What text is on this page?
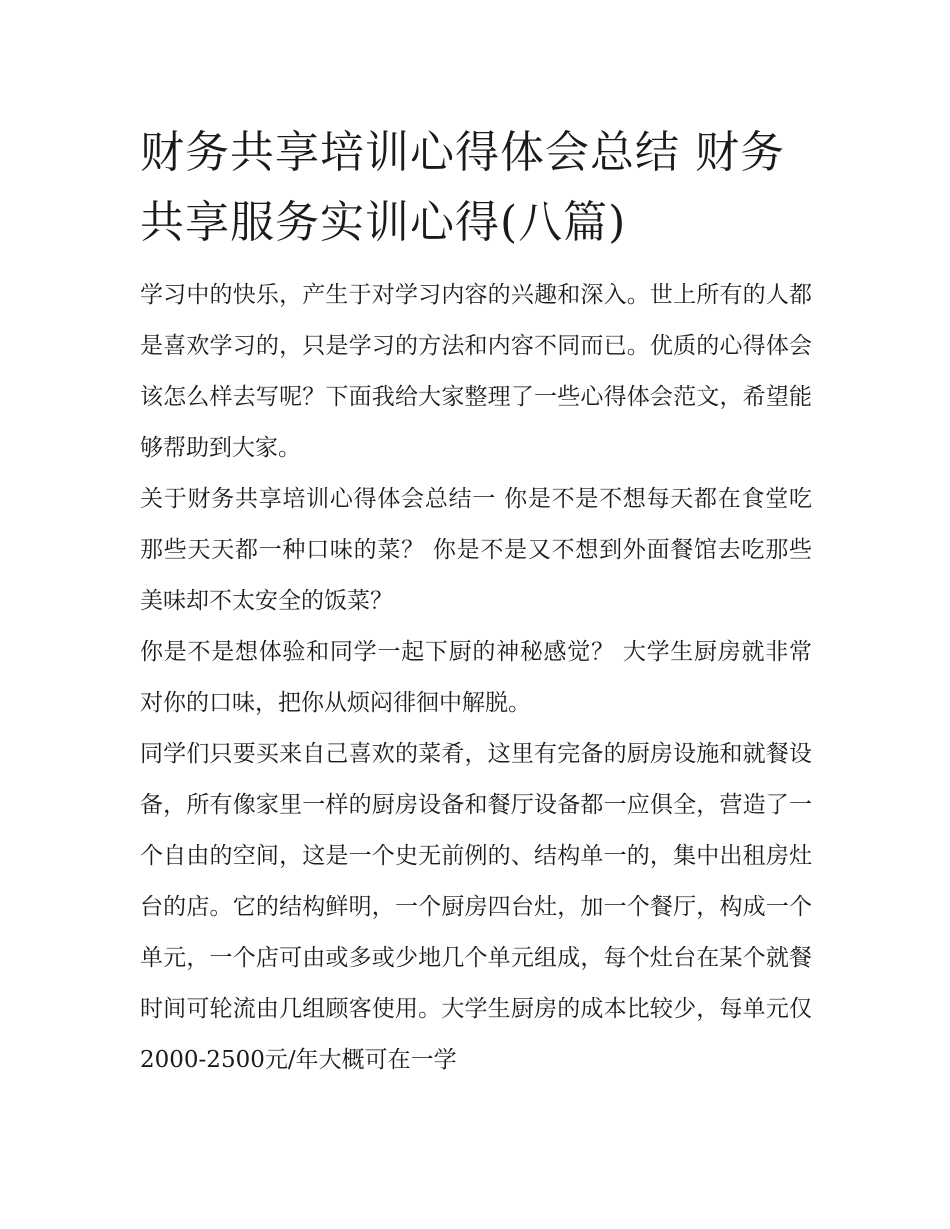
财务共享培训心得体会总结 财务共享服务实训心得(八篇)

学习中的快乐，产生于对学习内容的兴趣和深入。世上所有的人都是喜欢学习的，只是学习的方法和内容不同而已。优质的心得体会该怎么样去写呢？下面我给大家整理了一些心得体会范文，希望能够帮助到大家。

关于财务共享培训心得体会总结一 你是不是不想每天都在食堂吃那些天天都一种口味的菜？ 你是不是又不想到外面餐馆去吃那些美味却不太安全的饭菜？

你是不是想体验和同学一起下厨的神秘感觉？ 大学生厨房就非常对你的口味，把你从烦闷徘徊中解脱。

同学们只要买来自己喜欢的菜肴，这里有完备的厨房设施和就餐设备，所有像家里一样的厨房设备和餐厅设备都一应俱全，营造了一个自由的空间，这是一个史无前例的、结构单一的，集中出租房灶台的店。它的结构鲜明，一个厨房四台灶，加一个餐厅，构成一个单元，一个店可由或多或少地几个单元组成，每个灶台在某个就餐时间可轮流由几组顾客使用。大学生厨房的成本比较少，每单元仅2000-2500元/年大概可在一学
